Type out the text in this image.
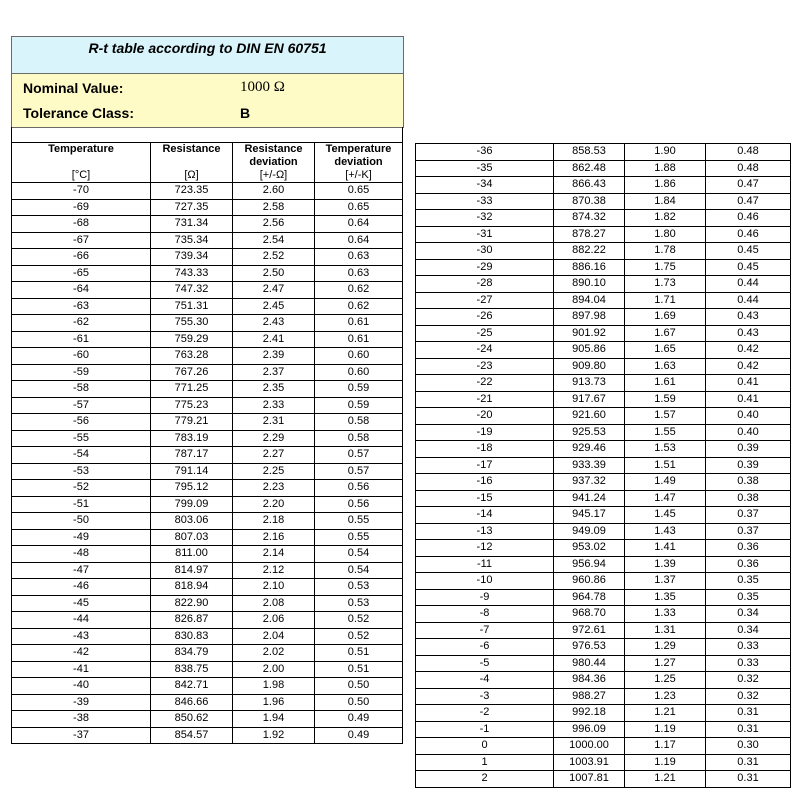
R-t table according to DIN EN 60751
Nominal Value:	1000 Ω
Tolerance Class:	B
Temperature	Resistance	Resistance deviation	Temperature deviation
[°C]	[Ω]	[+/-Ω]	[+/-K]
-70	723.35	2.60	0.65
-69	727.35	2.58	0.65
-68	731.34	2.56	0.64
-67	735.34	2.54	0.64
-66	739.34	2.52	0.63
-65	743.33	2.50	0.63
-64	747.32	2.47	0.62
-63	751.31	2.45	0.62
-62	755.30	2.43	0.61
-61	759.29	2.41	0.61
-60	763.28	2.39	0.60
-59	767.26	2.37	0.60
-58	771.25	2.35	0.59
-57	775.23	2.33	0.59
-56	779.21	2.31	0.58
-55	783.19	2.29	0.58
-54	787.17	2.27	0.57
-53	791.14	2.25	0.57
-52	795.12	2.23	0.56
-51	799.09	2.20	0.56
-50	803.06	2.18	0.55
-49	807.03	2.16	0.55
-48	811.00	2.14	0.54
-47	814.97	2.12	0.54
-46	818.94	2.10	0.53
-45	822.90	2.08	0.53
-44	826.87	2.06	0.52
-43	830.83	2.04	0.52
-42	834.79	2.02	0.51
-41	838.75	2.00	0.51
-40	842.71	1.98	0.50
-39	846.66	1.96	0.50
-38	850.62	1.94	0.49
-37	854.57	1.92	0.49
-36	858.53	1.90	0.48
-35	862.48	1.88	0.48
-34	866.43	1.86	0.47
-33	870.38	1.84	0.47
-32	874.32	1.82	0.46
-31	878.27	1.80	0.46
-30	882.22	1.78	0.45
-29	886.16	1.75	0.45
-28	890.10	1.73	0.44
-27	894.04	1.71	0.44
-26	897.98	1.69	0.43
-25	901.92	1.67	0.43
-24	905.86	1.65	0.42
-23	909.80	1.63	0.42
-22	913.73	1.61	0.41
-21	917.67	1.59	0.41
-20	921.60	1.57	0.40
-19	925.53	1.55	0.40
-18	929.46	1.53	0.39
-17	933.39	1.51	0.39
-16	937.32	1.49	0.38
-15	941.24	1.47	0.38
-14	945.17	1.45	0.37
-13	949.09	1.43	0.37
-12	953.02	1.41	0.36
-11	956.94	1.39	0.36
-10	960.86	1.37	0.35
-9	964.78	1.35	0.35
-8	968.70	1.33	0.34
-7	972.61	1.31	0.34
-6	976.53	1.29	0.33
-5	980.44	1.27	0.33
-4	984.36	1.25	0.32
-3	988.27	1.23	0.32
-2	992.18	1.21	0.31
-1	996.09	1.19	0.31
0	1000.00	1.17	0.30
1	1003.91	1.19	0.31
2	1007.81	1.21	0.31
